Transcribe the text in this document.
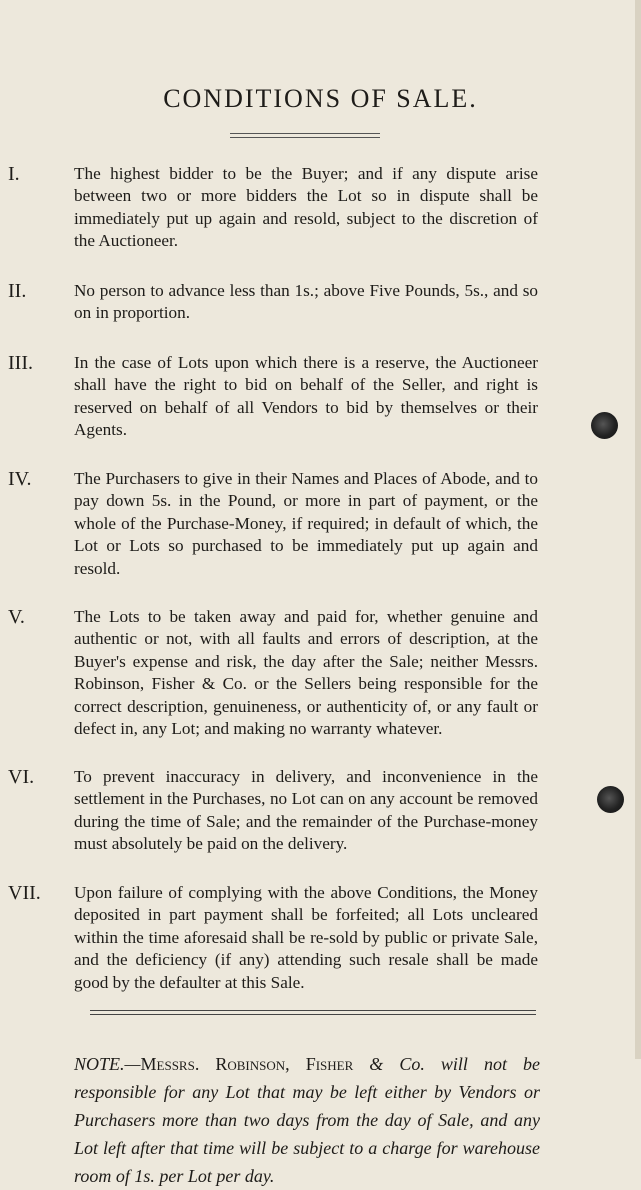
CONDITIONS OF SALE.
I.	The highest bidder to be the Buyer; and if any dispute arise between two or more bidders the Lot so in dispute shall be immediately put up again and resold, subject to the discretion of the Auctioneer.

II.	No person to advance less than 1s.; above Five Pounds, 5s., and so on in proportion.

III. In the case of Lots upon which there is a reserve, the Auctioneer shall have the right to bid on behalf of the Seller, and right is reserved on behalf of all Vendors to bid by themselves or their Agents.

IV. The Purchasers to give in their Names and Places of Abode, and to pay down 5s. in the Pound, or more in part of payment, or the whole of the Purchase-Money, if required; in default of which, the Lot or Lots so purchased to be immediately put up again and resold.

V.	The Lots to be taken away and paid for, whether genuine and authentic or not, with all faults and errors of description, at the Buyer's expense and risk, the day after the Sale; neither Messrs. Robinson, Fisher & Co. or the Sellers being responsible for the correct description, genuineness, or authenticity of, or any fault or defect in, any Lot; and making no warranty whatever.

VI. To prevent inaccuracy in delivery, and inconvenience in the settlement in the Purchases, no Lot can on any account be removed during the time of Sale; and the remainder of the Purchase-money must absolutely be paid on the delivery.

VII. Upon failure of complying with the above Conditions, the Money deposited in part payment shall be forfeited; all Lots uncleared within the time aforesaid shall be re-sold by public or private Sale, and the deficiency (if any) attending such resale shall be made good by the defaulter at this Sale.

NOTE.—Messrs. Robinson, Fisher & Co. will not be responsible for any Lot that may be left either by Vendors or Purchasers more than two days from the day of Sale, and any Lot left after that time will be subject to a charge for warehouse room of 1s. per Lot per day.
